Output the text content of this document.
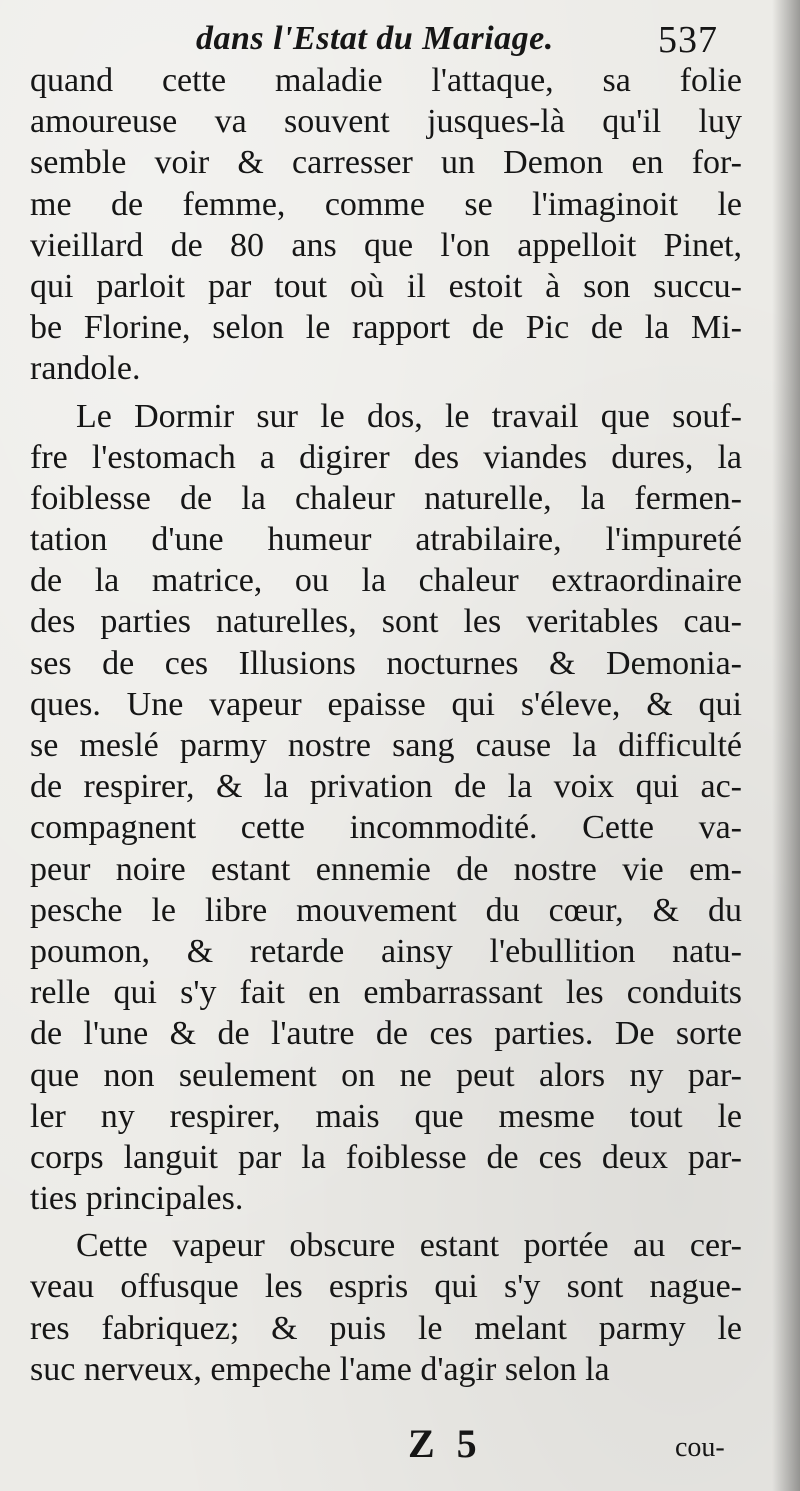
dans l'Estat du Mariage.	537
quand cette maladie l'attaque, sa folie
amoureuse va souvent jusques-là qu'il luy
semble voir & carresser un Demon en for-
me de femme, comme se l'imaginoit le
vieillard de 80 ans que l'on appelloit Pinet,
qui parloit par tout où il estoit à son succu-
be Florine, selon le rapport de Pic de la Mi-
randole.
Le Dormir sur le dos, le travail que souf-
fre l'estomach a digirer des viandes dures, la
foiblesse de la chaleur naturelle, la fermen-
tation d'une humeur atrabilaire, l'impureté
de la matrice, ou la chaleur extraordinaire
des parties naturelles, sont les veritables cau-
ses de ces Illusions nocturnes & Demonia-
ques. Une vapeur epaisse qui s'éleve, & qui
se meslé parmy nostre sang cause la difficulté
de respirer, & la privation de la voix qui ac-
compagnent cette incommodité. Cette va-
peur noire estant ennemie de nostre vie em-
pesche le libre mouvement du cœur, & du
poumon, & retarde ainsy l'ebullition natu-
relle qui s'y fait en embarrassant les conduits
de l'une & de l'autre de ces parties. De sorte
que non seulement on ne peut alors ny par-
ler ny respirer, mais que mesme tout le
corps languit par la foiblesse de ces deux par-
ties principales.
Cette vapeur obscure estant portée au cer-
veau offusque les espris qui s'y sont nague-
res fabriquez; & puis le melant parmy le
suc nerveux, empeche l'ame d'agir selon la
Z 5	cou-
